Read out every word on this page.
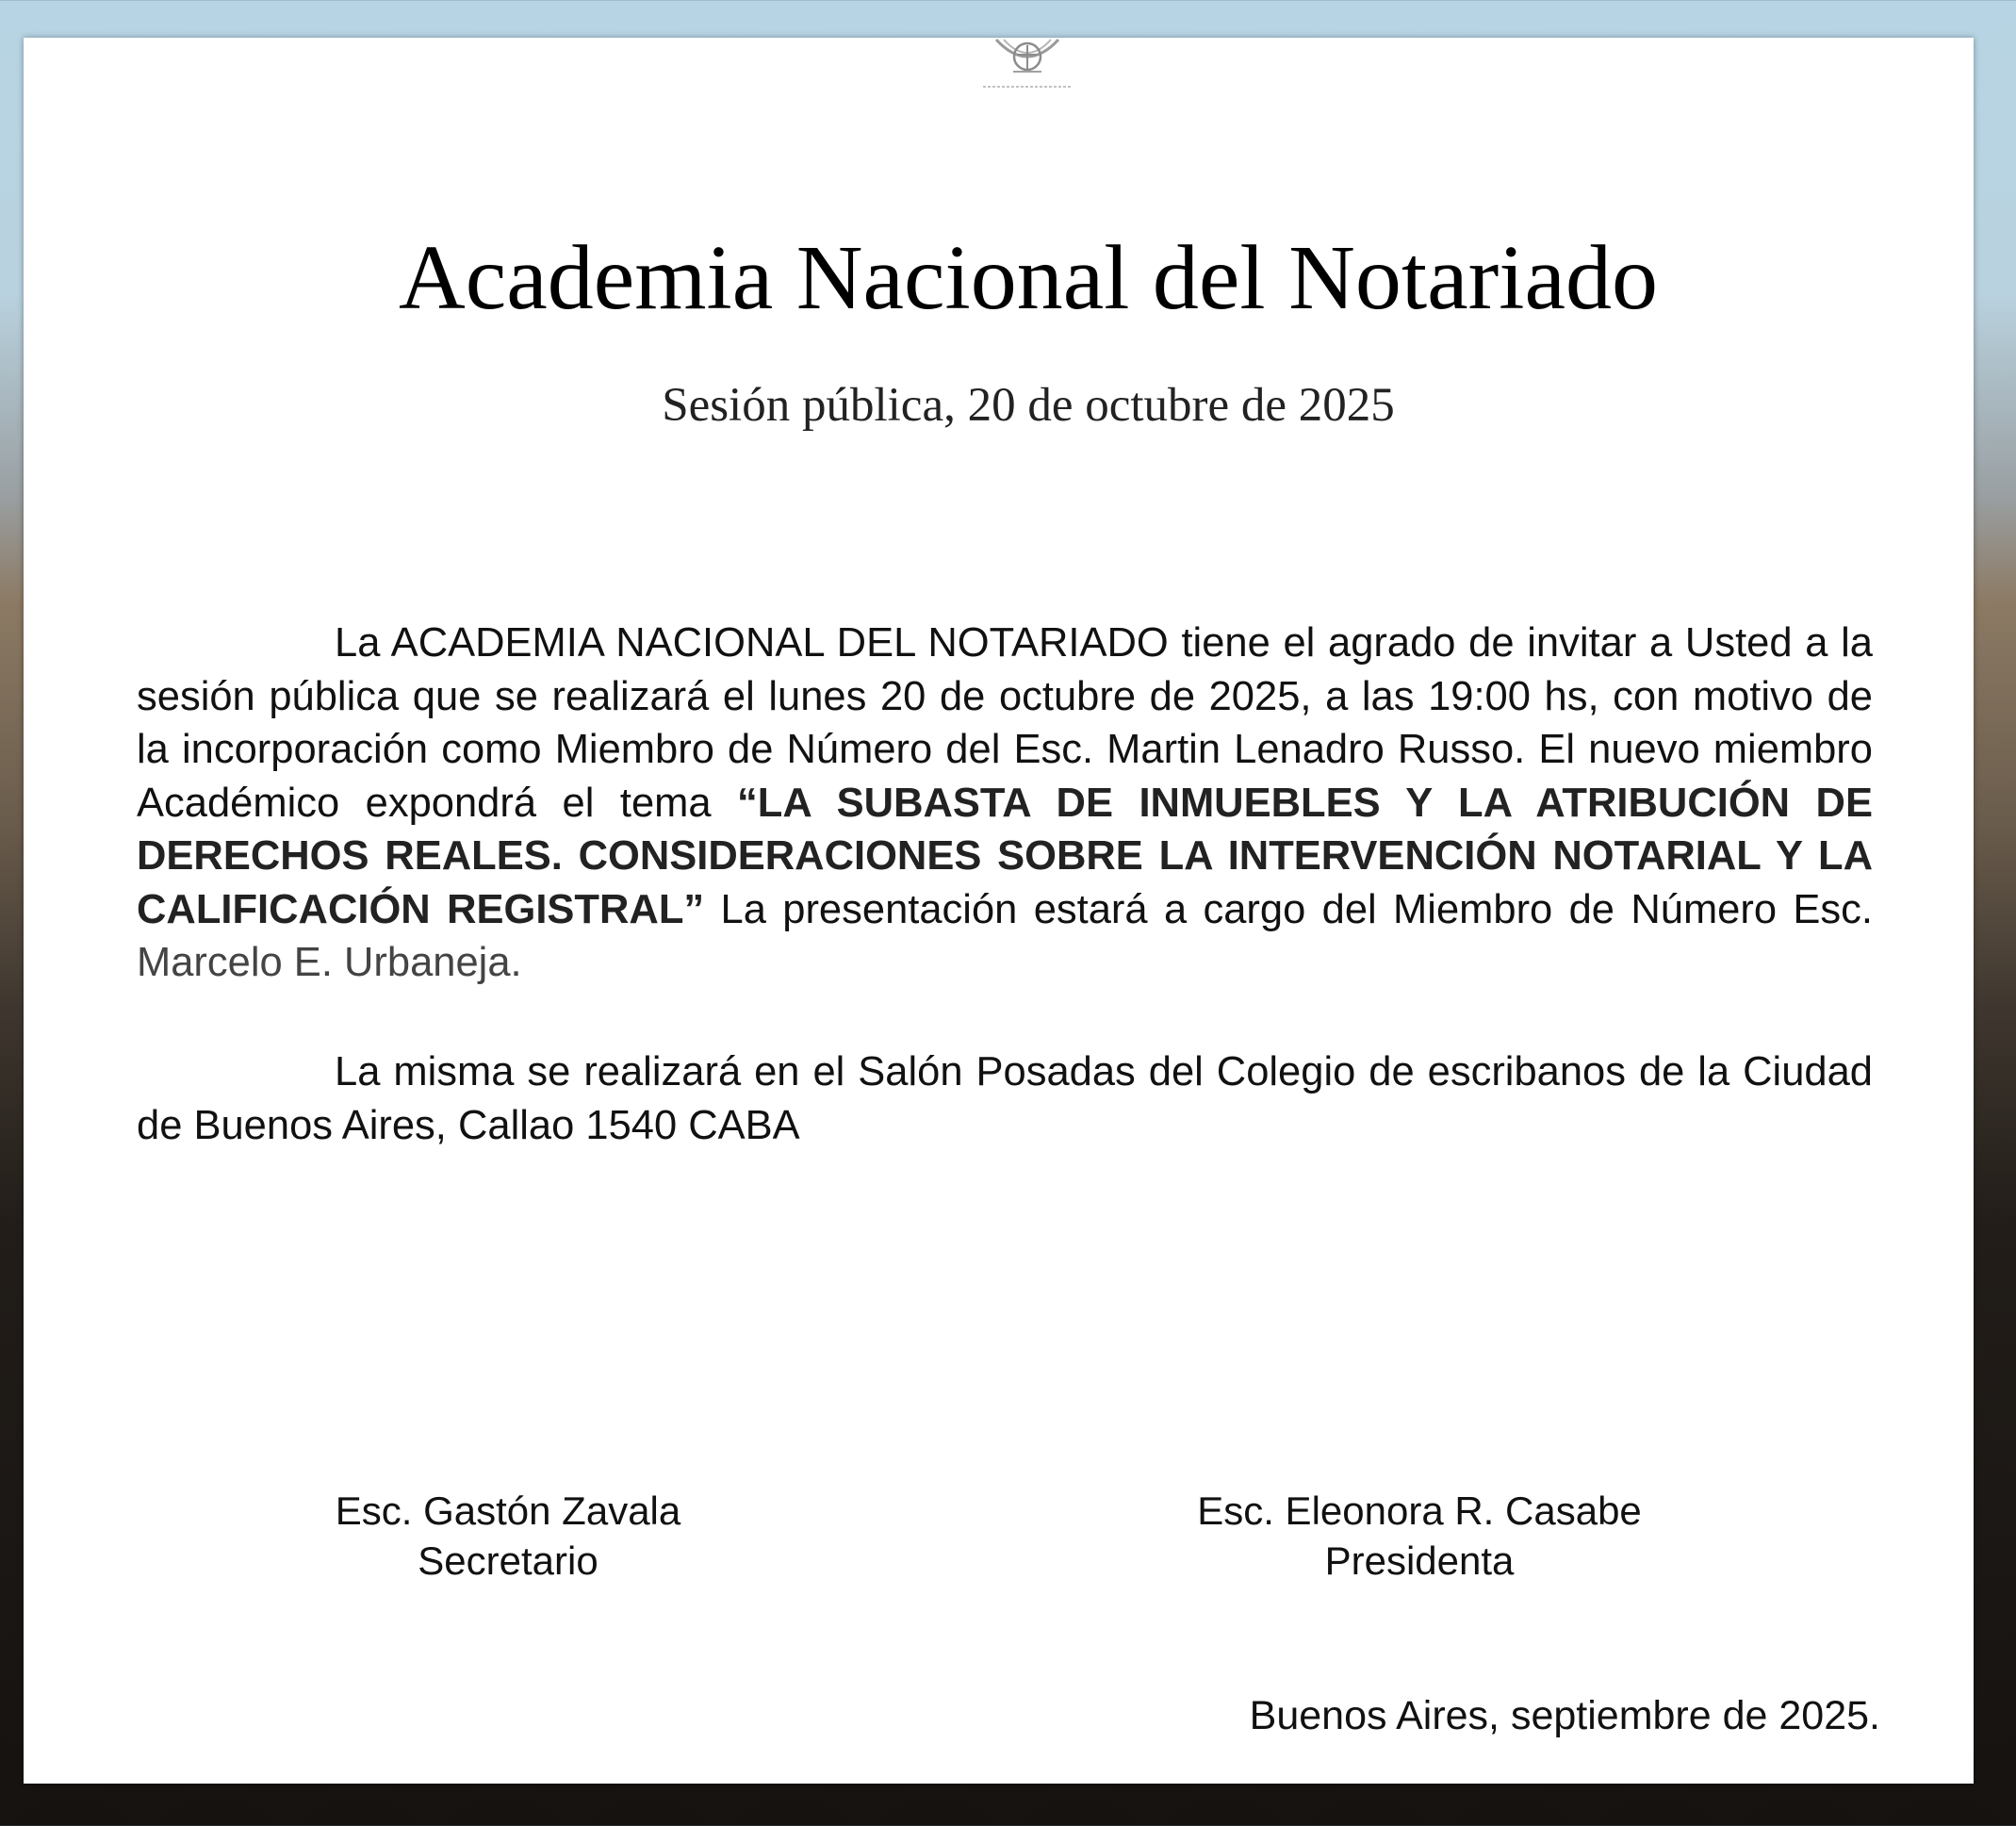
Academia Nacional del Notariado
Sesión pública, 20 de octubre de 2025
La ACADEMIA NACIONAL DEL NOTARIADO tiene el agrado de invitar a Usted a la sesión pública que se realizará el lunes 20 de octubre de 2025, a las 19:00 hs, con motivo de la incorporación como Miembro de Número del Esc. Martin Lenadro Russo. El nuevo miembro Académico expondrá el tema “LA SUBASTA DE INMUEBLES Y LA ATRIBUCIÓN DE DERECHOS REALES. CONSIDERACIONES SOBRE LA INTERVENCIÓN NOTARIAL Y LA CALIFICACIÓN REGISTRAL” La presentación estará a cargo del Miembro de Número Esc. Marcelo E. Urbaneja.
La misma se realizará en el Salón Posadas del Colegio de escribanos de la Ciudad de Buenos Aires, Callao 1540 CABA
Esc. Gastón Zavala
Secretario
Esc. Eleonora R. Casabe
Presidenta
Buenos Aires, septiembre de 2025.
